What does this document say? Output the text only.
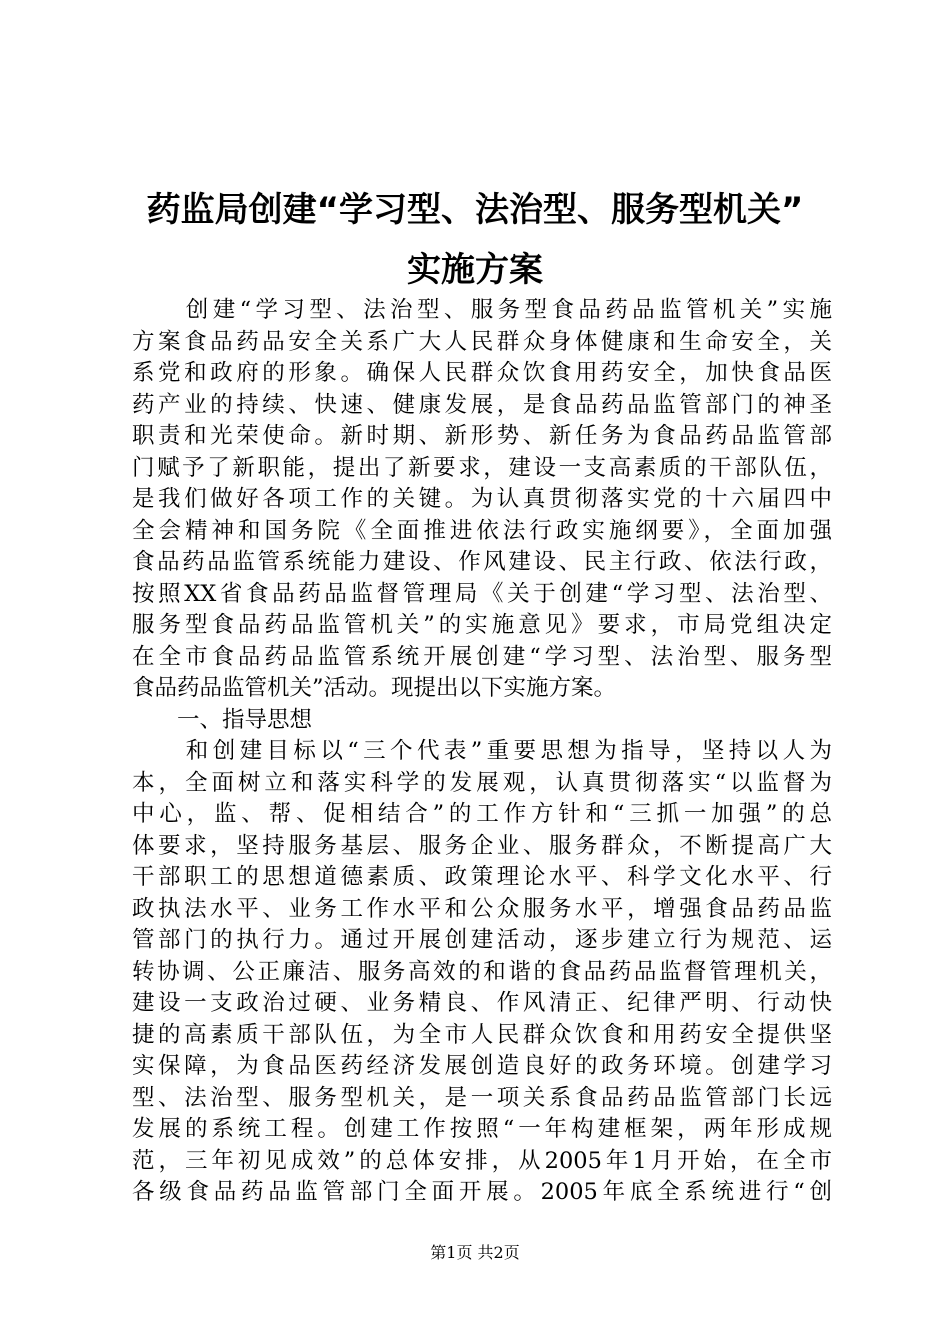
药监局创建“学习型、法治型、服务型机关”
实施方案
　　创建“学习型、法治型、服务型食品药品监管机关”实施
方案食品药品安全关系广大人民群众身体健康和生命安全，关
系党和政府的形象。确保人民群众饮食用药安全，加快食品医
药产业的持续、快速、健康发展，是食品药品监管部门的神圣
职责和光荣使命。新时期、新形势、新任务为食品药品监管部
门赋予了新职能，提出了新要求，建设一支高素质的干部队伍，
是我们做好各项工作的关键。为认真贯彻落实党的十六届四中
全会精神和国务院《全面推进依法行政实施纲要》，全面加强
食品药品监管系统能力建设、作风建设、民主行政、依法行政，
按照XX省食品药品监督管理局《关于创建“学习型、法治型、
服务型食品药品监管机关”的实施意见》要求，市局党组决定
在全市食品药品监管系统开展创建“学习型、法治型、服务型
食品药品监管机关”活动。现提出以下实施方案。
　　一、指导思想
　　和创建目标以“三个代表”重要思想为指导，坚持以人为
本，全面树立和落实科学的发展观，认真贯彻落实“以监督为
中心，监、帮、促相结合”的工作方针和“三抓一加强”的总
体要求，坚持服务基层、服务企业、服务群众，不断提高广大
干部职工的思想道德素质、政策理论水平、科学文化水平、行
政执法水平、业务工作水平和公众服务水平，增强食品药品监
管部门的执行力。通过开展创建活动，逐步建立行为规范、运
转协调、公正廉洁、服务高效的和谐的食品药品监督管理机关，
建设一支政治过硬、业务精良、作风清正、纪律严明、行动快
捷的高素质干部队伍，为全市人民群众饮食和用药安全提供坚
实保障，为食品医药经济发展创造良好的政务环境。创建学习
型、法治型、服务型机关，是一项关系食品药品监管部门长远
发展的系统工程。创建工作按照“一年构建框架，两年形成规
范，三年初见成效”的总体安排，从2005年1月开始，在全市
各级食品药品监管部门全面开展。2005年底全系统进行“创
第1页 共2页
